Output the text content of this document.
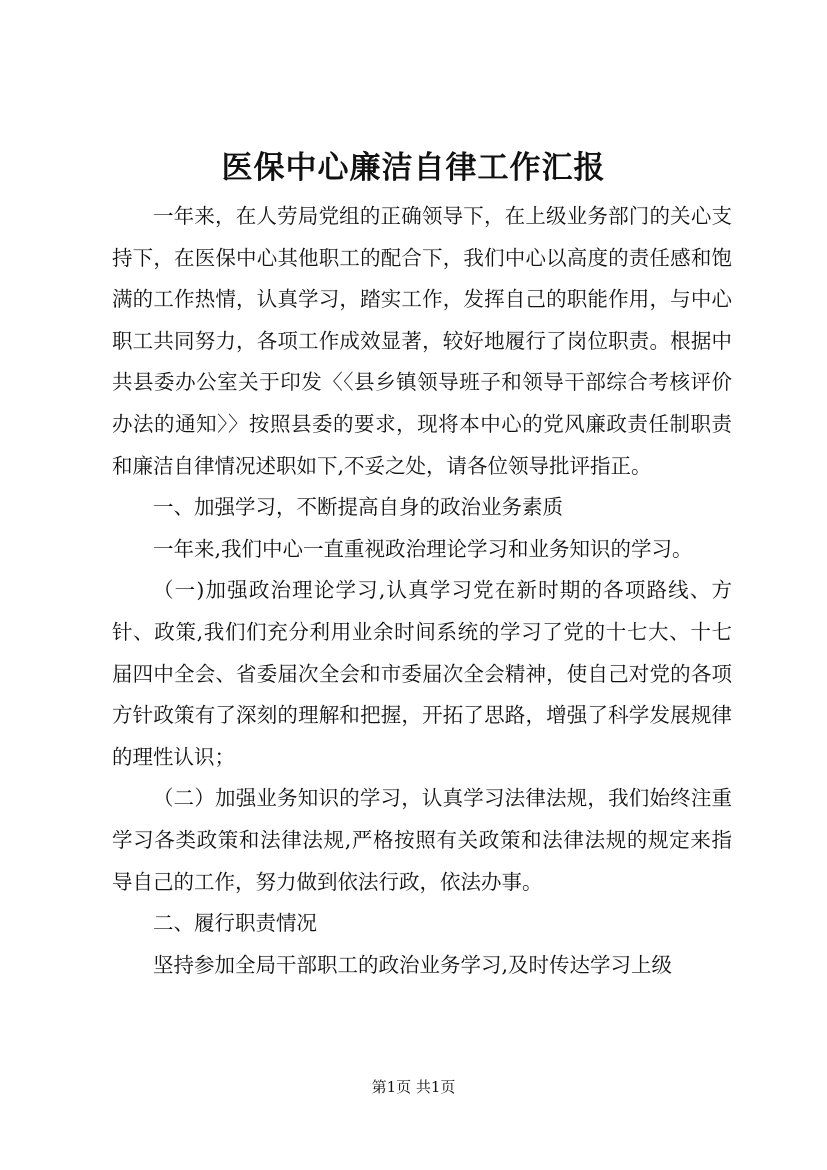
医保中心廉洁自律工作汇报

一年来，在人劳局党组的正确领导下，在上级业务部门的关心支持下，在医保中心其他职工的配合下，我们中心以高度的责任感和饱满的工作热情，认真学习，踏实工作，发挥自己的职能作用，与中心职工共同努力，各项工作成效显著，较好地履行了岗位职责。根据中共县委办公室关于印发〈〈县乡镇领导班子和领导干部综合考核评价办法的通知〉〉按照县委的要求，现将本中心的党风廉政责任制职责和廉洁自律情况述职如下,不妥之处，请各位领导批评指正。

一、加强学习，不断提高自身的政治业务素质

一年来,我们中心一直重视政治理论学习和业务知识的学习。

（一)加强政治理论学习,认真学习党在新时期的各项路线、方针、政策,我们们充分利用业余时间系统的学习了党的十七大、十七届四中全会、省委届次全会和市委届次全会精神，使自己对党的各项方针政策有了深刻的理解和把握，开拓了思路，增强了科学发展规律的理性认识；

（二）加强业务知识的学习，认真学习法律法规，我们始终注重学习各类政策和法律法规,严格按照有关政策和法律法规的规定来指导自己的工作，努力做到依法行政，依法办事。

二、履行职责情况

坚持参加全局干部职工的政治业务学习,及时传达学习上级

第1页 共1页
